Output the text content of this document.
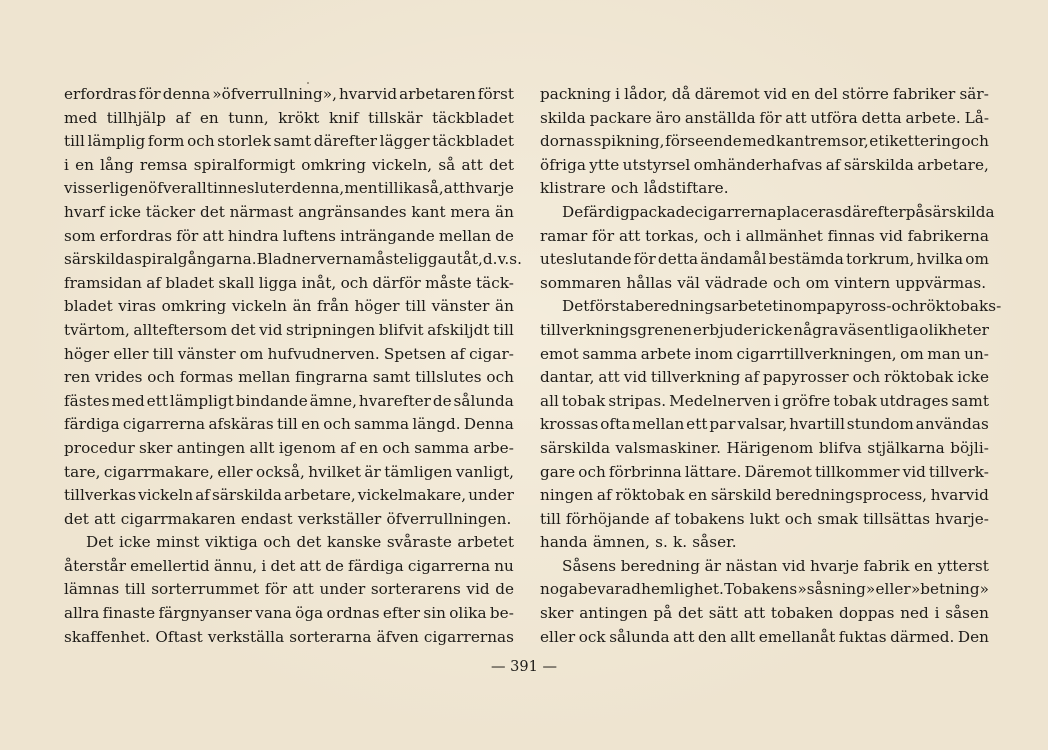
erfordras för denna »öfverrullning», hvarvid arbetaren först
med tillhjälp af en tunn, krökt knif tillskär täckbladet
till lämplig form och storlek samt därefter lägger täckbladet
i en lång remsa spiralformigt omkring vickeln, så att det
visserligen öfverallt innesluter denna, men tillika så, att hvarje
hvarf icke täcker det närmast angränsandes kant mera än
som erfordras för att hindra luftens inträngande mellan de
särskilda spiralgångarna. Bladnerverna måste ligga utåt, d. v. s.
framsidan af bladet skall ligga inåt, och därför måste täck-
bladet viras omkring vickeln än från höger till vänster än
tvärtom, allteftersom det vid stripningen blifvit afskiljdt till
höger eller till vänster om hufvudnerven. Spetsen af cigar-
ren vrides och formas mellan fingrarna samt tillslutes och
fästes med ett lämpligt bindande ämne, hvarefter de sålunda
färdiga cigarrerna afskäras till en och samma längd. Denna
procedur sker antingen allt igenom af en och samma arbe-
tare, cigarrmakare, eller också, hvilket är tämligen vanligt,
tillverkas vickeln af särskilda arbetare, vickelmakare, under
det att cigarrmakaren endast verkställer öfverrullningen.
Det icke minst viktiga och det kanske svåraste arbetet
återstår emellertid ännu, i det att de färdiga cigarrerna nu
lämnas till sorterrummet för att under sorterarens vid de
allra finaste färgnyanser vana öga ordnas efter sin olika be-
skaffenhet. Oftast verkställa sorterarna äfven cigarrernas
packning i lådor, då däremot vid en del större fabriker sär-
skilda packare äro anställda för att utföra detta arbete. Lå-
dornas spikning, förseende med kantremsor, etikettering och
öfriga ytte utstyrsel omhänderhafvas af särskilda arbetare,
klistrare och lådstiftare.
De färdigpackade cigarrerna placeras därefter på särskilda
ramar för att torkas, och i allmänhet finnas vid fabrikerna
uteslutande för detta ändamål bestämda torkrum, hvilka om
sommaren hållas väl vädrade och om vintern uppvärmas.
Det första beredningsarbetet inom papyross- och röktobaks-
tillverkningsgrenen erbjuder icke några väsentliga olikheter
emot samma arbete inom cigarrtillverkningen, om man un-
dantar, att vid tillverkning af papyrosser och röktobak icke
all tobak stripas. Medelnerven i gröfre tobak utdrages samt
krossas ofta mellan ett par valsar, hvartill stundom användas
särskilda valsmaskiner. Härigenom blifva stjälkarna böjli-
gare och förbrinna lättare. Däremot tillkommer vid tillverk-
ningen af röktobak en särskild beredningsprocess, hvarvid
till förhöjande af tobakens lukt och smak tillsättas hvarje-
handa ämnen, s. k. såser.
Såsens beredning är nästan vid hvarje fabrik en ytterst
noga bevarad hemlighet. Tobakens »såsning» eller »betning»
sker antingen på det sätt att tobaken doppas ned i såsen
eller ock sålunda att den allt emellanåt fuktas därmed. Den
— 391 —
